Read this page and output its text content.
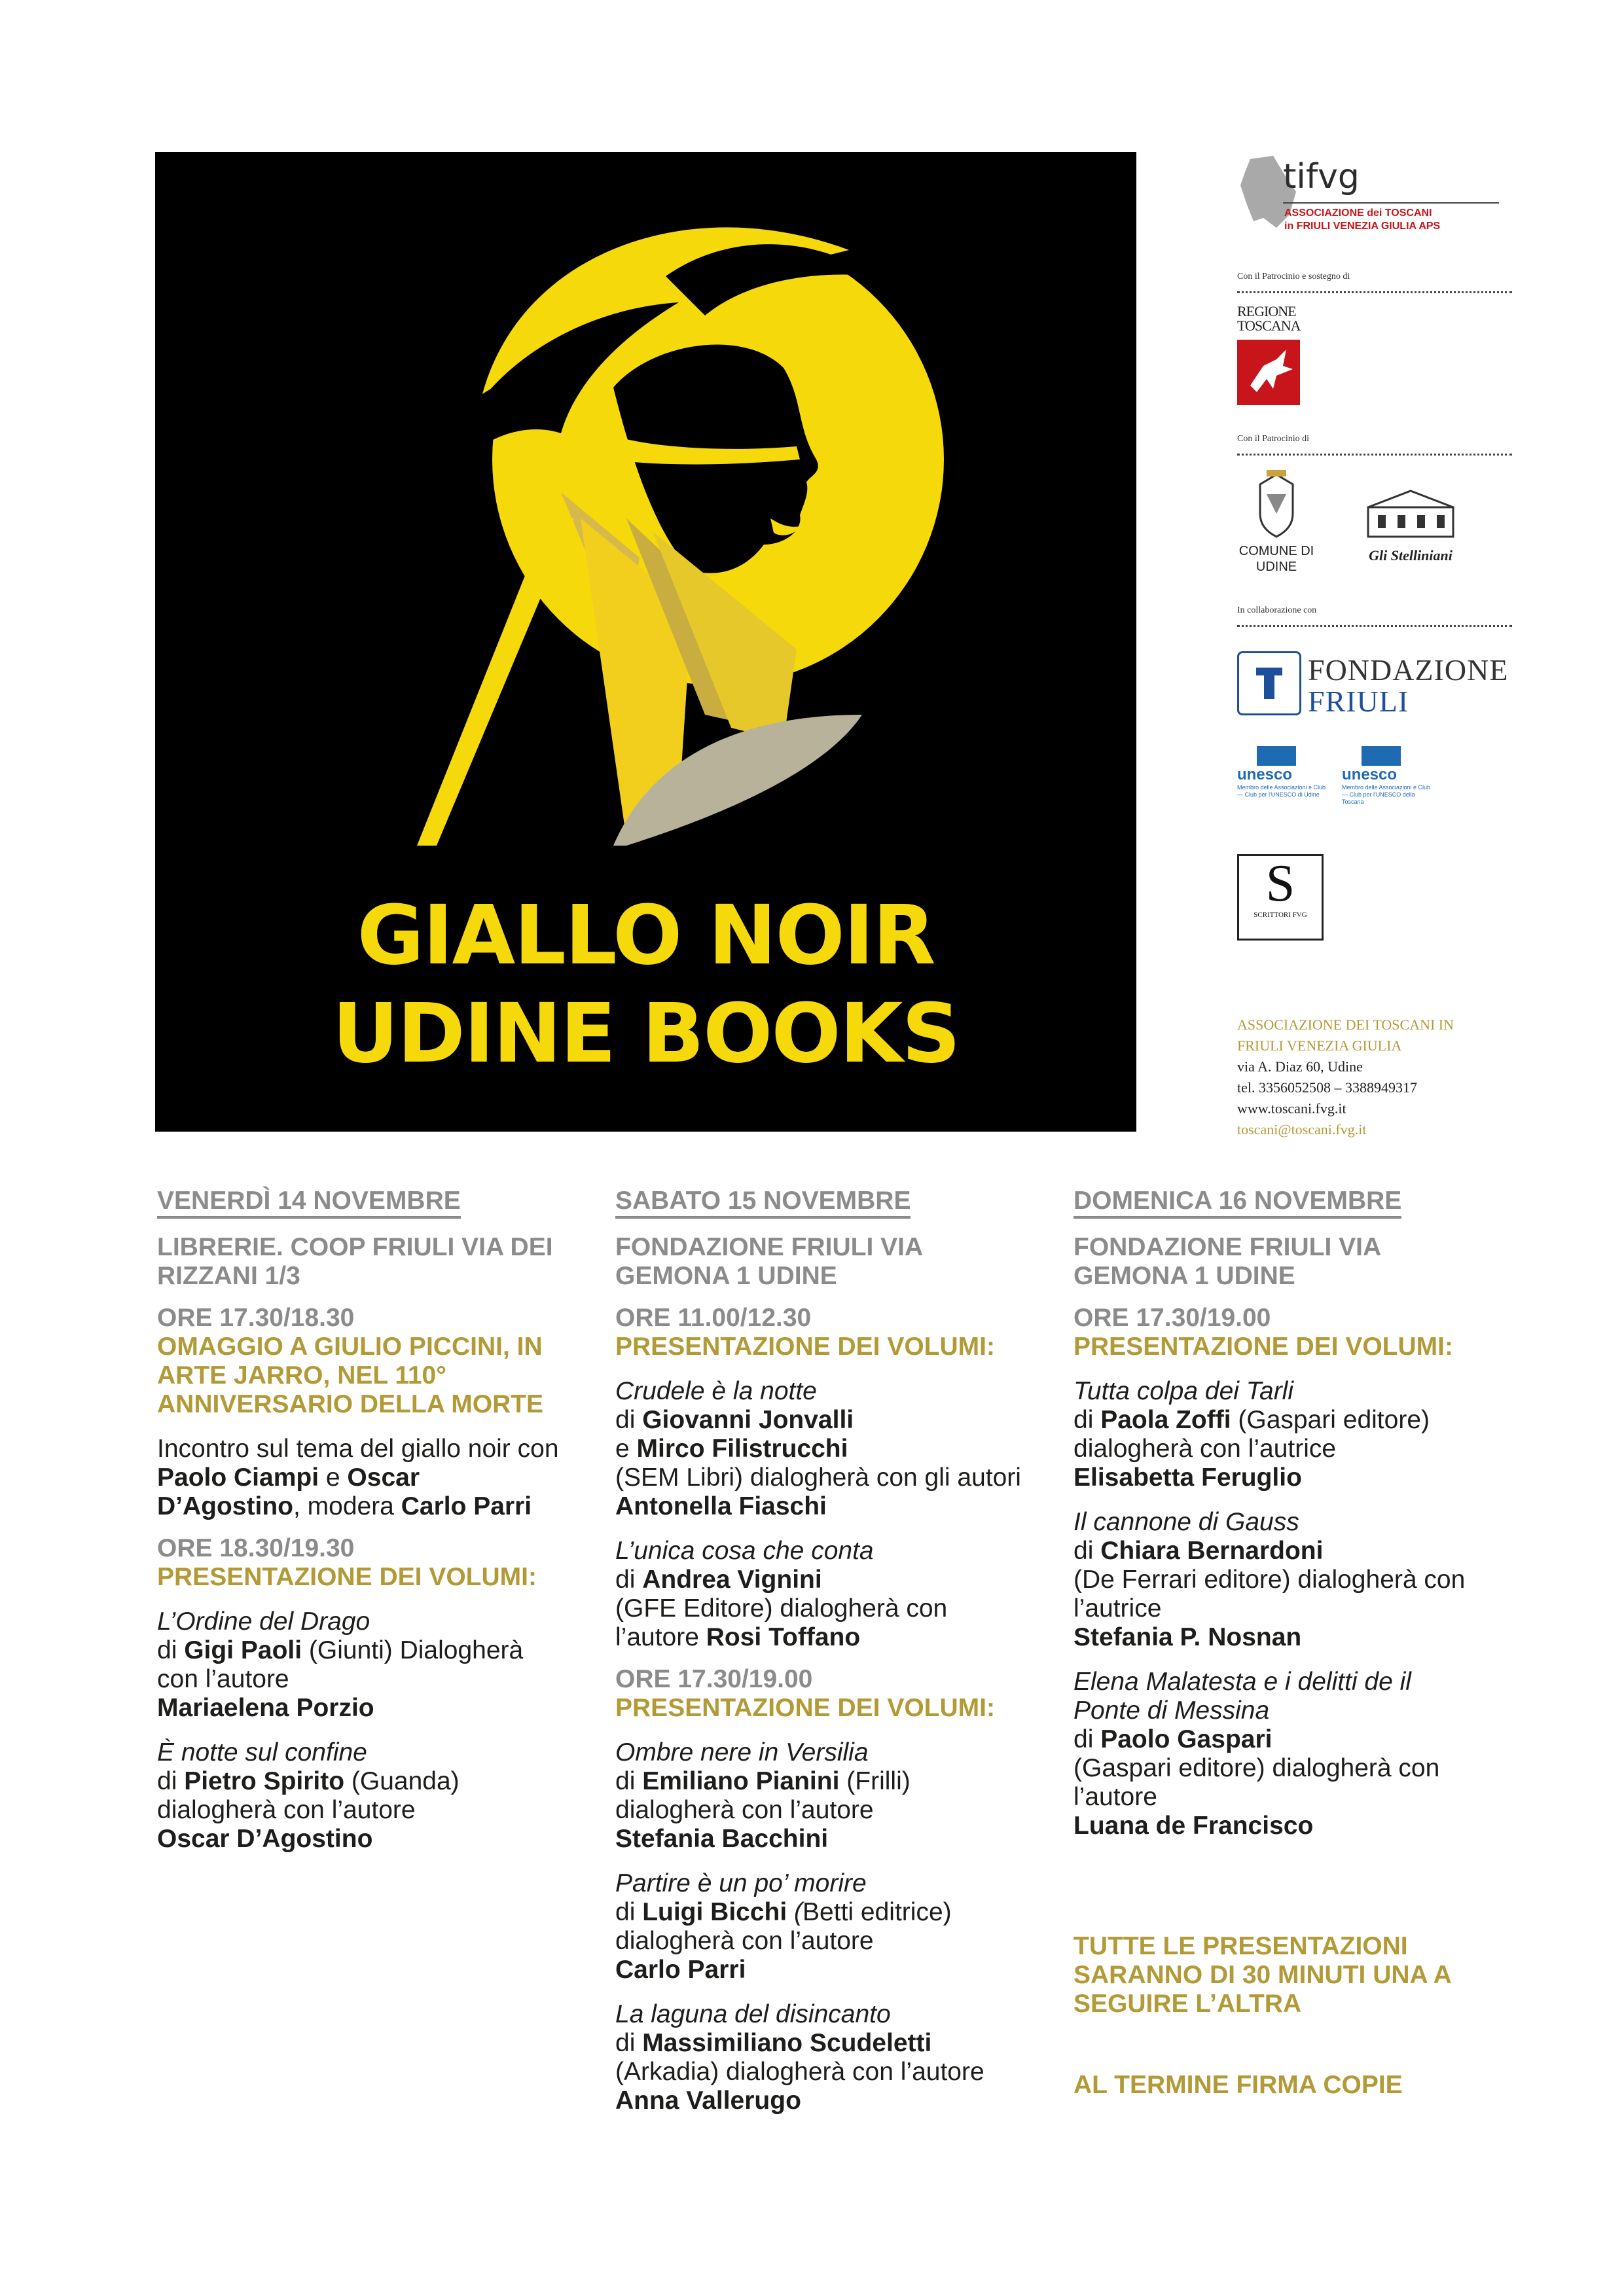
GIALLO NOIR
UDINE BOOKS
tifvg
ASSOCIAZIONE dei TOSCANI
in FRIULI VENEZIA GIULIA APS
Con il Patrocinio e sostegno di
REGIONE TOSCANA
Con il Patrocinio di
COMUNE DI UDINE
Gli Stelliniani
In collaborazione con
FONDAZIONE
FRIULI
unesco
Membro delle Associazioni e Club — Club per l'UNESCO di Udine
unesco
Membro delle Associazioni e Club — Club per l'UNESCO della Toscana
S
SCRITTORI FVG
ASSOCIAZIONE DEI TOSCANI IN
FRIULI VENEZIA GIULIA
via A. Diaz 60, Udine
tel. 3356052508 – 3388949317
www.toscani.fvg.it
toscani@toscani.fvg.it

VENERDÌ 14 NOVEMBRE

LIBRERIE. COOP FRIULI VIA DEI RIZZANI 1/3

ORE 17.30/18.30

OMAGGIO A GIULIO PICCINI, IN ARTE JARRO, NEL 110° ANNIVERSARIO DELLA MORTE

Incontro sul tema del giallo noir con Paolo Ciampi e Oscar D’Agostino, modera Carlo Parri

ORE 18.30/19.30

PRESENTAZIONE DEI VOLUMI:

L’Ordine del Drago
di Gigi Paoli (Giunti) Dialogherà con l’autore
Mariaelena Porzio

È notte sul confine
di Pietro Spirito (Guanda) dialogherà con l’autore
Oscar D’Agostino

SABATO 15 NOVEMBRE

FONDAZIONE FRIULI VIA GEMONA 1 UDINE

ORE 11.00/12.30

PRESENTAZIONE DEI VOLUMI:

Crudele è la notte
di Giovanni Jonvalli
e Mirco Filistrucchi
(SEM Libri) dialogherà con gli autori
Antonella Fiaschi

L’unica cosa che conta
di Andrea Vignini
(GFE Editore) dialogherà con l’autore Rosi Toffano

ORE 17.30/19.00

PRESENTAZIONE DEI VOLUMI:

Ombre nere in Versilia
di Emiliano Pianini (Frilli) dialogherà con l’autore
Stefania Bacchini

Partire è un po’ morire
di Luigi Bicchi (Betti editrice) dialogherà con l’autore
Carlo Parri

La laguna del disincanto
di Massimiliano Scudeletti
(Arkadia) dialogherà con l’autore Anna Vallerugo

DOMENICA 16 NOVEMBRE

FONDAZIONE FRIULI VIA GEMONA 1 UDINE

ORE 17.30/19.00

PRESENTAZIONE DEI VOLUMI:

Tutta colpa dei Tarli
di Paola Zoffi (Gaspari editore) dialogherà con l’autrice
Elisabetta Feruglio

Il cannone di Gauss
di Chiara Bernardoni
(De Ferrari editore) dialogherà con l’autrice
Stefania P. Nosnan

Elena Malatesta e i delitti de il Ponte di Messina
di Paolo Gaspari
(Gaspari editore) dialogherà con l’autore
Luana de Francisco

TUTTE LE PRESENTAZIONI SARANNO DI 30 MINUTI UNA A SEGUIRE L’ALTRA

AL TERMINE FIRMA COPIE
